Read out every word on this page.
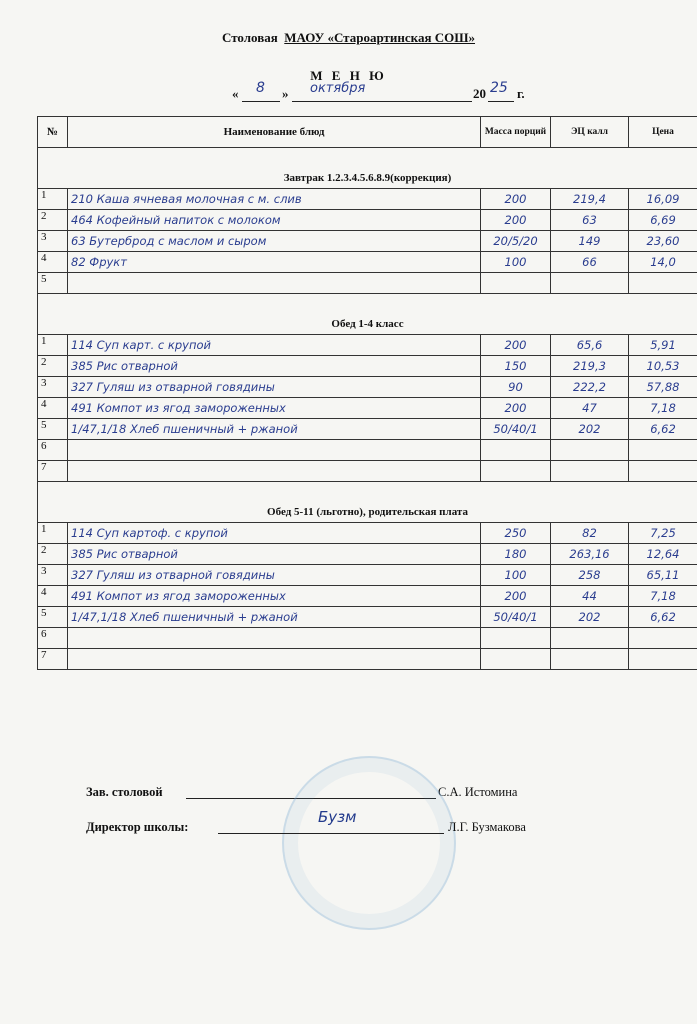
Столовая МАОУ «Староартинская СОШ»
М Е Н Ю
« 8 » октября	20 25 г.
№	Наименование блюд	Масса порций	ЭЦ калл	Цена

Завтрак 1.2.3.4.5.6.8.9(коррекция)				
1	210 Каша ячневая молочная с м. слив	200	219,4	16,09
2	464 Кофейный напиток с молоком	200	63	6,69
3	63 Бутерброд с маслом и сыром	20/5/20	149	23,60
4	82 Фрукт	100	66	14,0
5				

Обед 1-4 класс				
1	114 Суп карт. с крупой	200	65,6	5,91
2	385 Рис отварной	150	219,3	10,53
3	327 Гуляш из отварной говядины	90	222,2	57,88
4	491 Компот из ягод замороженных	200	47	7,18
5	1/47,1/18 Хлеб пшеничный + ржаной	50/40/1	202	6,62
6				
7				

Обед 5-11 (льготно), родительская плата				
1	114 Суп картоф. с крупой	250	82	7,25
2	385 Рис отварной	180	263,16	12,64
3	327 Гуляш из отварной говядины	100	258	65,11
4	491 Компот из ягод замороженных	200	44	7,18
5	1/47,1/18 Хлеб пшеничный + ржаной	50/40/1	202	6,62
6				
7				
Зав. столовой	С.А. Истомина
Директор школы:
Бузм
Л.Г. Бузмакова
